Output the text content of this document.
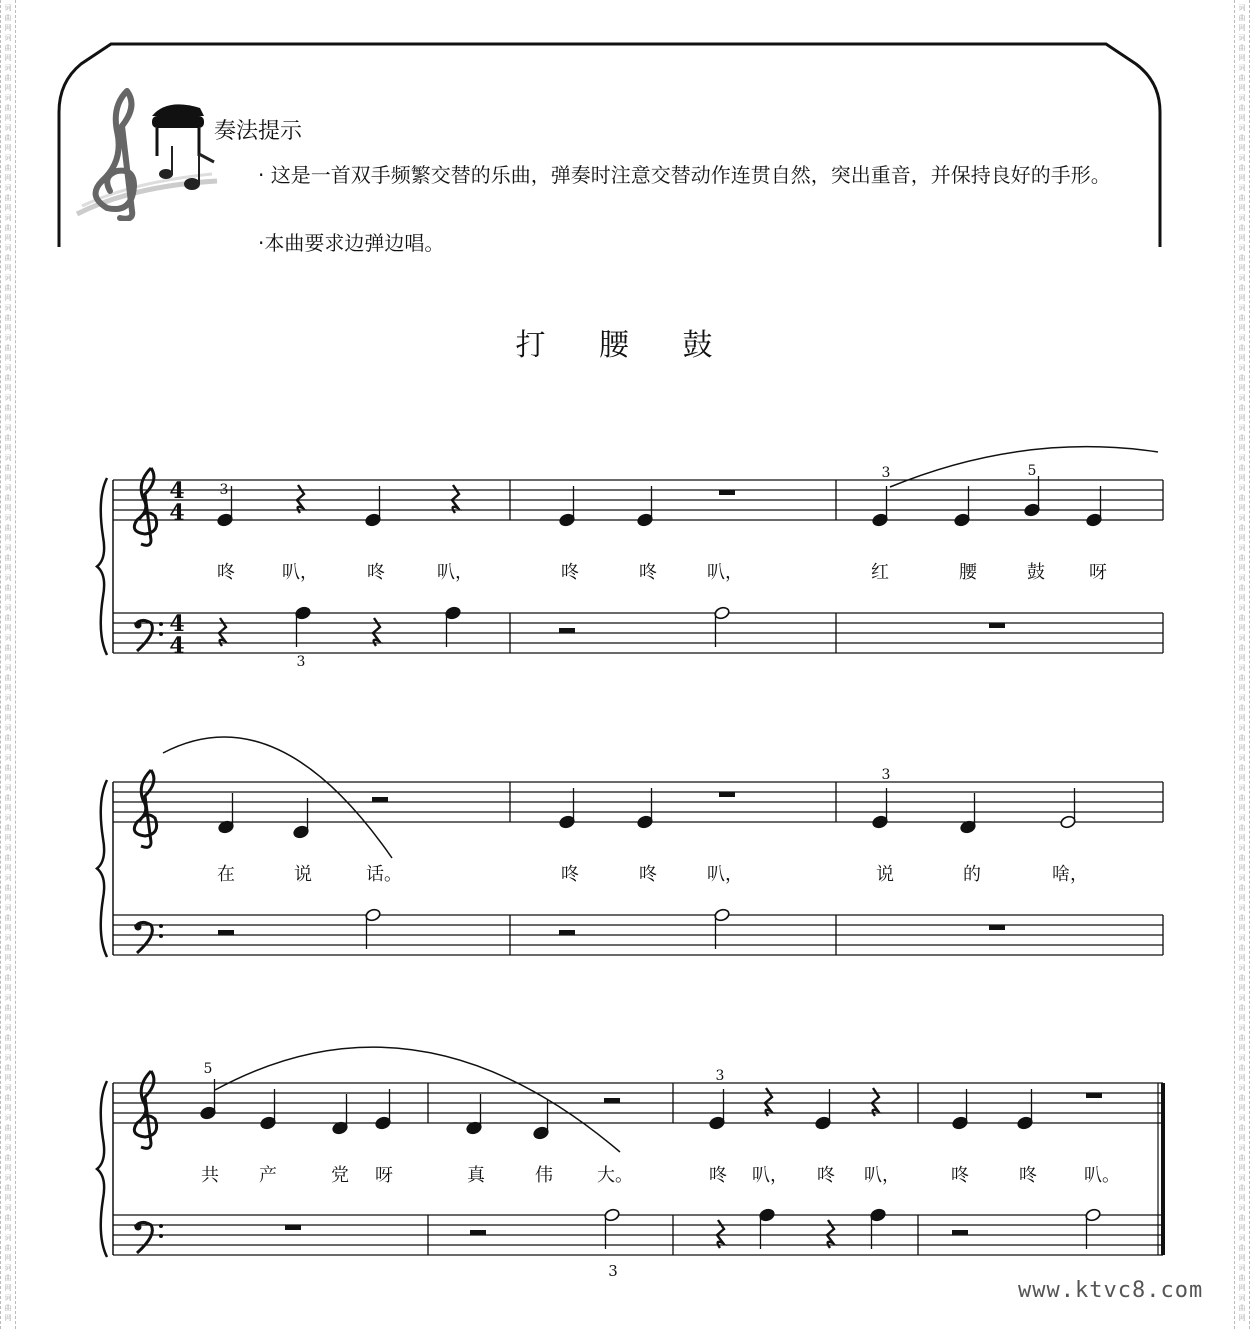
词
曲
网
词
曲
网
词
曲
网
词
曲
网
词
曲
网
词
曲
网
词
曲
网
词
曲
网
词
曲
网
词
曲
网
词
曲
网
词
曲
网
词
曲
网
词
曲
网
词
曲
网
词
曲
网
词
曲
网
词
曲
网
词
曲
网
词
曲
网
词
曲
网
词
曲
网
词
曲
网
词
曲
网
词
曲
网
词
曲
网
词
曲
网
词
曲
网
词
曲
网
词
曲
网
词
曲
网
词
曲
网
词
曲
网
词
曲
网
词
曲
网
词
曲
网
词
曲
网
词
曲
网
词
曲
网
词
曲
网
词
曲
网
词
曲
网
词
曲
网
词
曲
网
词
曲
网
词
曲
网
词
曲
网
词
曲
网
词
曲
网
词
曲
网
词
曲
网
词
曲
网
词
曲
网
词
曲
网
词
曲
网
词
曲
网
词
曲
网
词
曲
网
词
曲
网
词
曲
网
词
曲
网
词
曲
网
词
曲
网
词
曲
网
词
曲
网
词
曲
网
词
曲
网
词
曲
网
词
曲
网
词
曲
网
词
曲
网
词
曲
网
词
曲
网
词
曲
网
词
曲
网
词
曲
网
词
曲
网
词
曲
网
词
曲
网
词
曲
网
词
曲
网
词
曲
网
词
曲
网
词
曲
网
词
曲
网
词
曲
网
词
曲
网
词
曲
网
奏法提示
· 这是一首双手频繁交替的乐曲，弹奏时注意交替动作连贯自然，突出重音，并保持良好的手形。
·本曲要求边弹边唱。
打 腰 鼓
4
4
4
4
咚	叭，	咚	叭，	咚	咚	叭，	红	腰	鼓 呀
在	说	话。	咚	咚	叭，	说	的	啥，
共 产	党 呀	真	伟 大。	咚 叭， 咚 叭，	咚	咚	叭。
3
3
3	5
3
5	3
3
www.ktvc8.com
